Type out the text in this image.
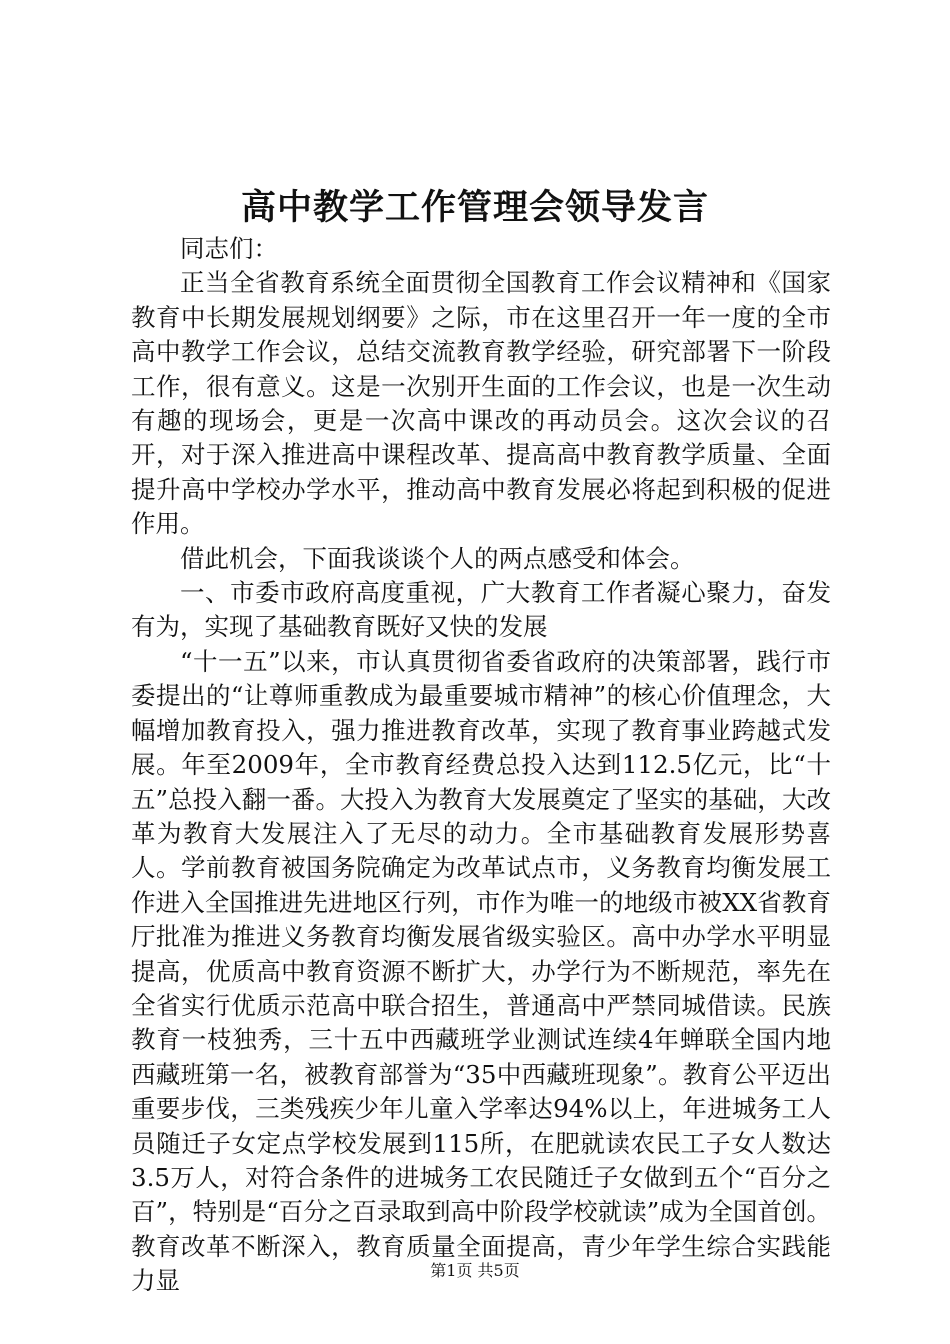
高中教学工作管理会领导发言

同志们：

正当全省教育系统全面贯彻全国教育工作会议精神和《国家教育中长期发展规划纲要》之际，市在这里召开一年一度的全市高中教学工作会议，总结交流教育教学经验，研究部署下一阶段工作，很有意义。这是一次别开生面的工作会议，也是一次生动有趣的现场会，更是一次高中课改的再动员会。这次会议的召开，对于深入推进高中课程改革、提高高中教育教学质量、全面提升高中学校办学水平，推动高中教育发展必将起到积极的促进作用。

借此机会，下面我谈谈个人的两点感受和体会。

一、市委市政府高度重视，广大教育工作者凝心聚力，奋发有为，实现了基础教育既好又快的发展

“十一五”以来，市认真贯彻省委省政府的决策部署，践行市委提出的“让尊师重教成为最重要城市精神”的核心价值理念，大幅增加教育投入，强力推进教育改革，实现了教育事业跨越式发展。年至2009年，全市教育经费总投入达到112.5亿元，比“十五”总投入翻一番。大投入为教育大发展奠定了坚实的基础，大改革为教育大发展注入了无尽的动力。全市基础教育发展形势喜人。学前教育被国务院确定为改革试点市，义务教育均衡发展工作进入全国推进先进地区行列，市作为唯一的地级市被XX省教育厅批准为推进义务教育均衡发展省级实验区。高中办学水平明显提高，优质高中教育资源不断扩大，办学行为不断规范，率先在全省实行优质示范高中联合招生，普通高中严禁同城借读。民族教育一枝独秀，三十五中西藏班学业测试连续4年蝉联全国内地西藏班第一名，被教育部誉为“35中西藏班现象”。教育公平迈出重要步伐，三类残疾少年儿童入学率达94%以上，年进城务工人员随迁子女定点学校发展到115所，在肥就读农民工子女人数达3.5万人，对符合条件的进城务工农民随迁子女做到五个“百分之百”，特别是“百分之百录取到高中阶段学校就读”成为全国首创。教育改革不断深入，教育质量全面提高，青少年学生综合实践能力显	第1页 共5页
